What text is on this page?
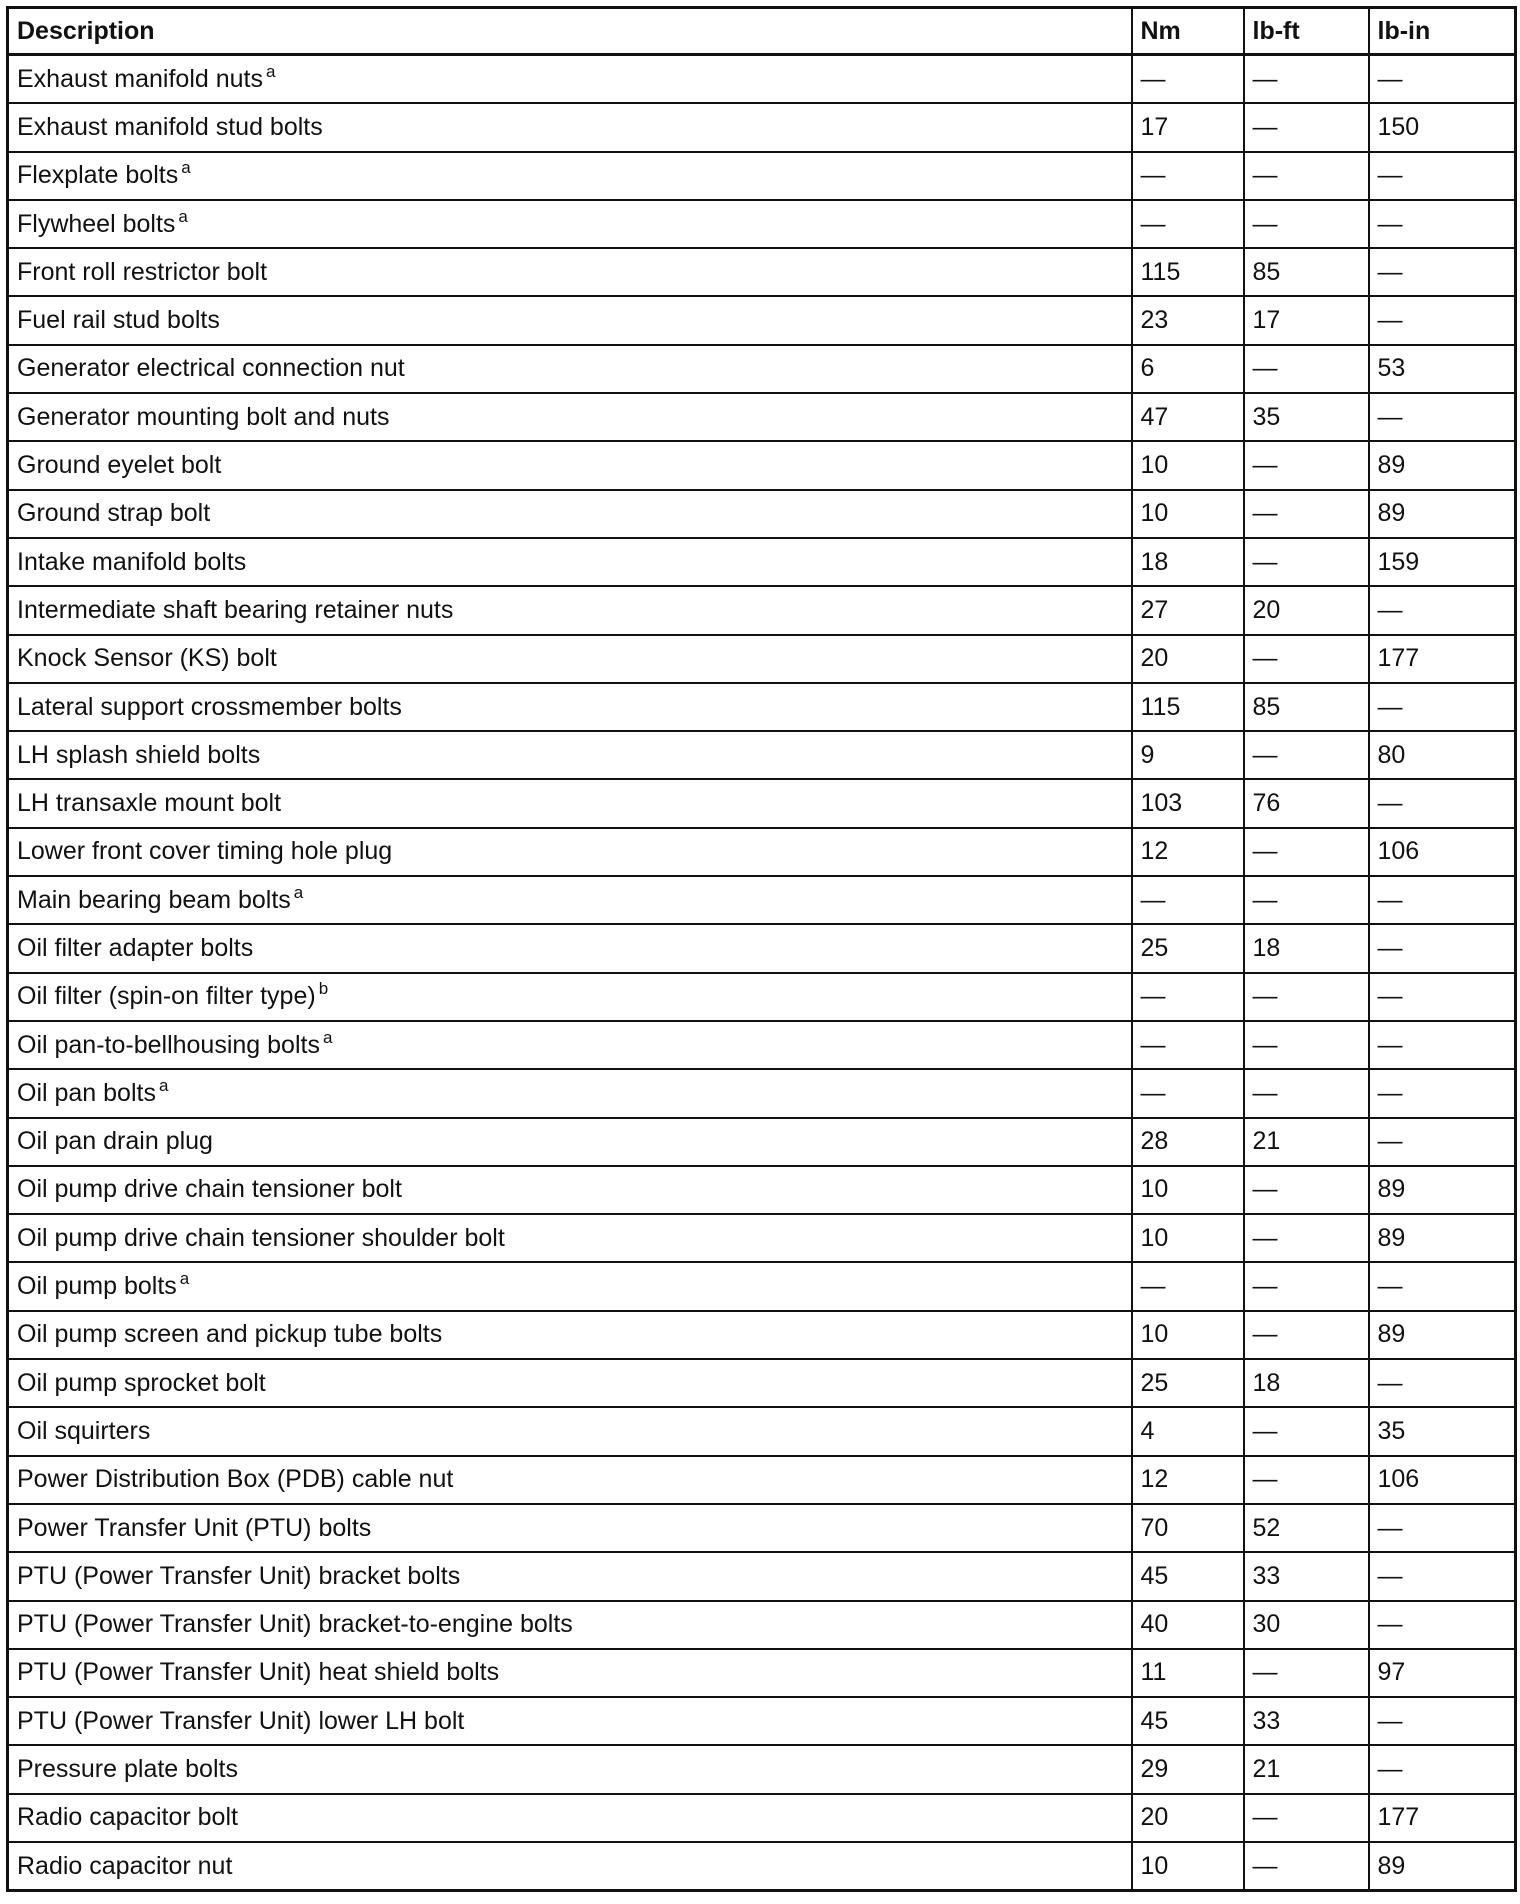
Description	Nm	lb-ft	lb-in
Exhaust manifold nuts $^a$	—	—	—
Exhaust manifold stud bolts	17	—	150
Flexplate bolts $^a$	—	—	—
Flywheel bolts $^a$	—	—	—
Front roll restrictor bolt	115	85	—
Fuel rail stud bolts	23	17	—
Generator electrical connection nut	6	—	53
Generator mounting bolt and nuts	47	35	—
Ground eyelet bolt	10	—	89
Ground strap bolt	10	—	89
Intake manifold bolts	18	—	159
Intermediate shaft bearing retainer nuts	27	20	—
Knock Sensor (KS) bolt	20	—	177
Lateral support crossmember bolts	115	85	—
LH splash shield bolts	9	—	80
LH transaxle mount bolt	103	76	—
Lower front cover timing hole plug	12	—	106
Main bearing beam bolts $^a$	—	—	—
Oil filter adapter bolts	25	18	—
Oil filter (spin-on filter type) $^b$	—	—	—
Oil pan-to-bellhousing bolts $^a$	—	—	—
Oil pan bolts $^a$	—	—	—
Oil pan drain plug	28	21	—
Oil pump drive chain tensioner bolt	10	—	89
Oil pump drive chain tensioner shoulder bolt	10	—	89
Oil pump bolts $^a$	—	—	—
Oil pump screen and pickup tube bolts	10	—	89
Oil pump sprocket bolt	25	18	—
Oil squirters	4	—	35
Power Distribution Box (PDB) cable nut	12	—	106
Power Transfer Unit (PTU) bolts	70	52	—
PTU (Power Transfer Unit) bracket bolts	45	33	—
PTU (Power Transfer Unit) bracket-to-engine bolts	40	30	—
PTU (Power Transfer Unit) heat shield bolts	11	—	97
PTU (Power Transfer Unit) lower LH bolt	45	33	—
Pressure plate bolts	29	21	—
Radio capacitor bolt	20	—	177
Radio capacitor nut	10	—	89
